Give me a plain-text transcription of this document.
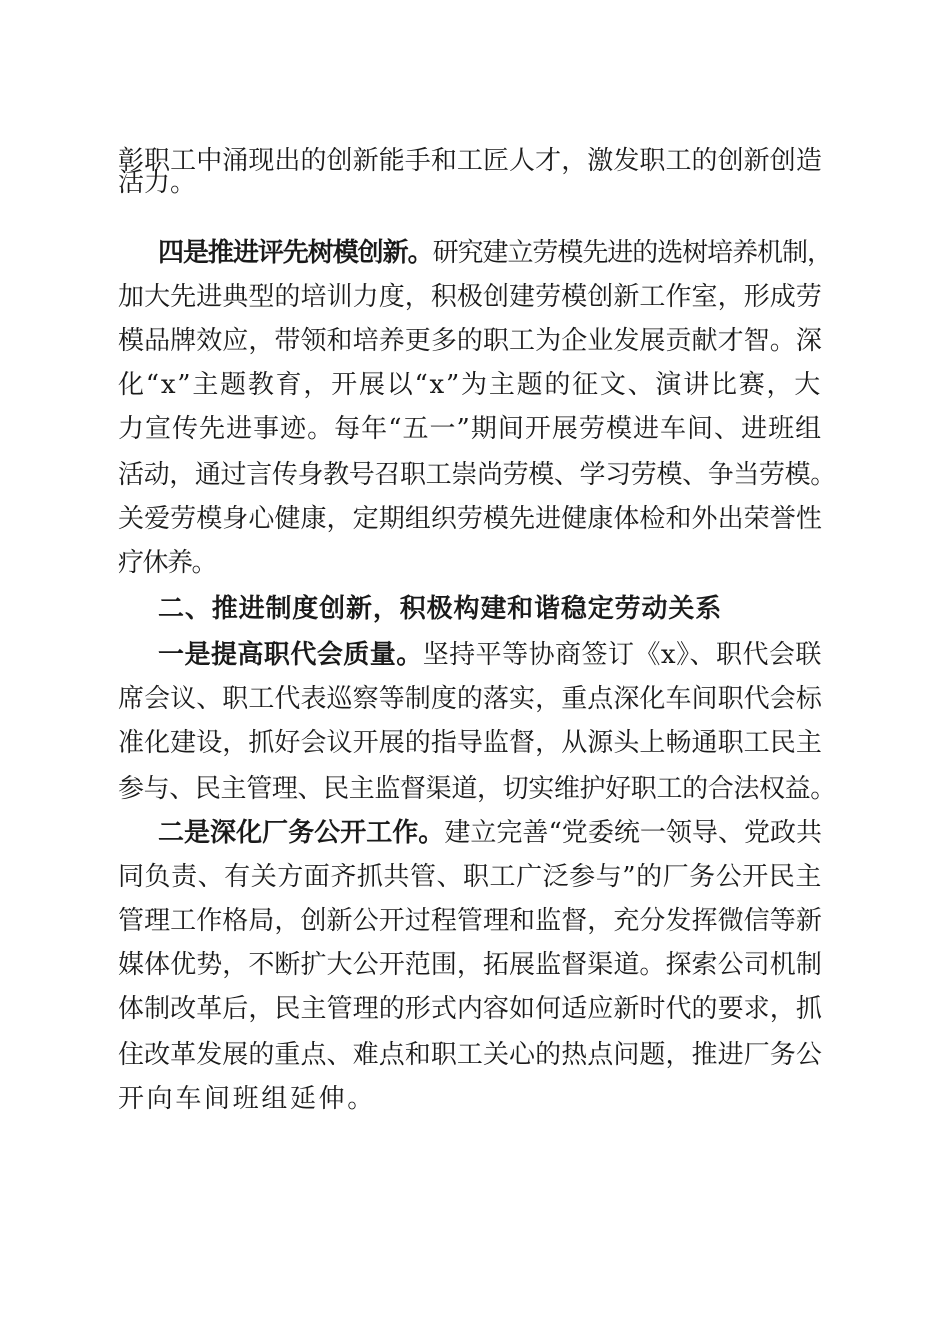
彰职工中涌现出的创新能手和工匠人才，激发职工的创新创造
活力。
四是推进评先树模创新。研究建立劳模先进的选树培养机制，
加大先进典型的培训力度，积极创建劳模创新工作室，形成劳
模品牌效应，带领和培养更多的职工为企业发展贡献才智。深
化“x”主题教育，开展以“x”为主题的征文、演讲比赛，大
力宣传先进事迹。每年“五一”期间开展劳模进车间、进班组
活动，通过言传身教号召职工崇尚劳模、学习劳模、争当劳模。
关爱劳模身心健康，定期组织劳模先进健康体检和外出荣誉性
疗休养。
二、推进制度创新，积极构建和谐稳定劳动关系
一是提高职代会质量。坚持平等协商签订《x》、职代会联
席会议、职工代表巡察等制度的落实，重点深化车间职代会标
准化建设，抓好会议开展的指导监督，从源头上畅通职工民主
参与、民主管理、民主监督渠道，切实维护好职工的合法权益。
二是深化厂务公开工作。建立完善“党委统一领导、党政共
同负责、有关方面齐抓共管、职工广泛参与”的厂务公开民主
管理工作格局，创新公开过程管理和监督，充分发挥微信等新
媒体优势，不断扩大公开范围，拓展监督渠道。探索公司机制
体制改革后，民主管理的形式内容如何适应新时代的要求，抓
住改革发展的重点、难点和职工关心的热点问题，推进厂务公
开向车间班组延伸。
